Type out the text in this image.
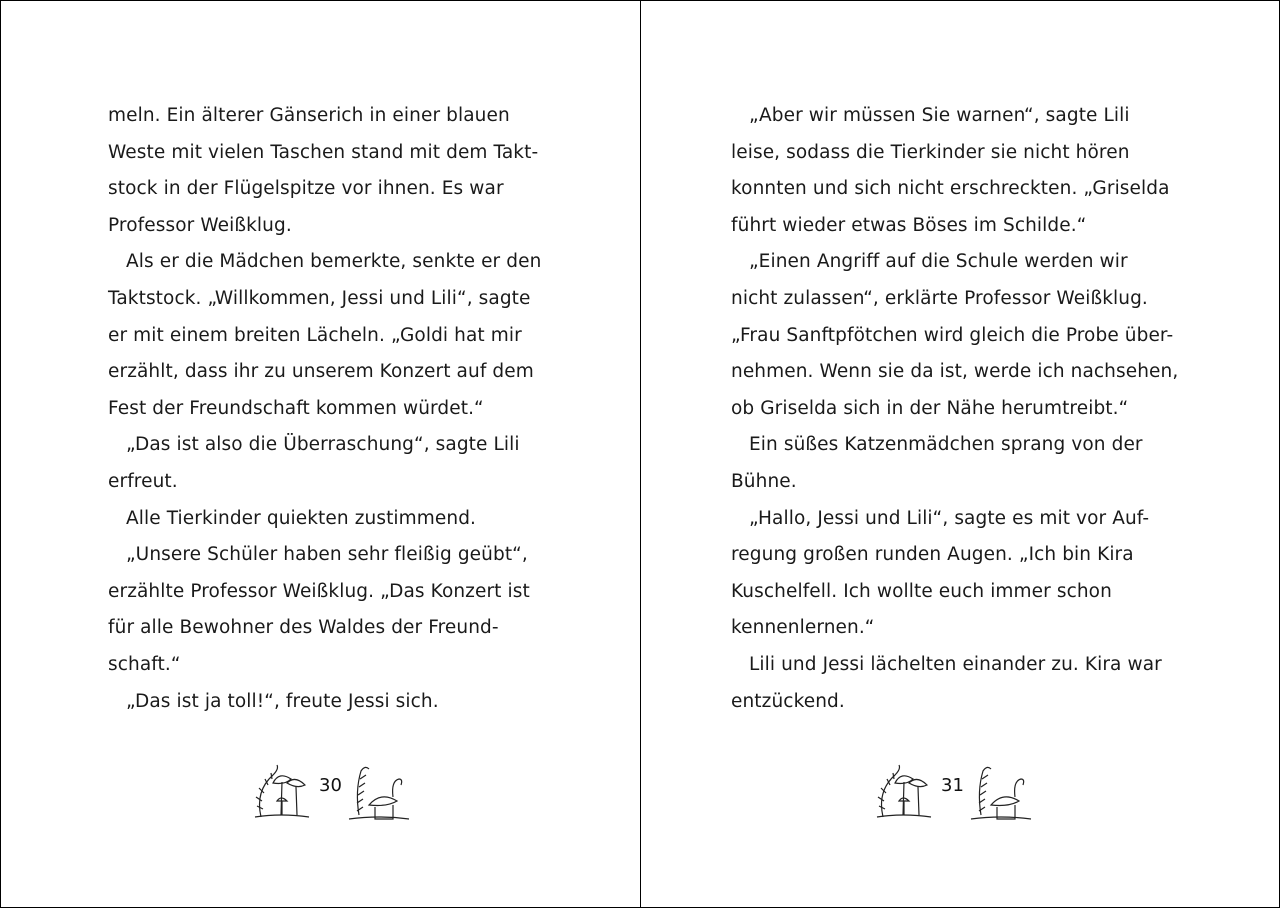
meln. Ein älterer Gänserich in einer blauen
Weste mit vielen Taschen stand mit dem Takt-
stock in der Flügelspitze vor ihnen. Es war
Professor Weißklug.
Als er die Mädchen bemerkte, senkte er den
Taktstock. „Willkommen, Jessi und Lili“, sagte
er mit einem breiten Lächeln. „Goldi hat mir
erzählt, dass ihr zu unserem Konzert auf dem
Fest der Freundschaft kommen würdet.“
„Das ist also die Überraschung“, sagte Lili
erfreut.
Alle Tierkinder quiekten zustimmend.
„Unsere Schüler haben sehr fleißig geübt“,
erzählte Professor Weißklug. „Das Konzert ist
für alle Bewohner des Waldes der Freund-
schaft.“
„Das ist ja toll!“, freute Jessi sich.
„Aber wir müssen Sie warnen“, sagte Lili
leise, sodass die Tierkinder sie nicht hören
konnten und sich nicht erschreckten. „Griselda
führt wieder etwas Böses im Schilde.“
„Einen Angriff auf die Schule werden wir
nicht zulassen“, erklärte Professor Weißklug.
„Frau Sanftpfötchen wird gleich die Probe über-
nehmen. Wenn sie da ist, werde ich nachsehen,
ob Griselda sich in der Nähe herumtreibt.“
Ein süßes Katzenmädchen sprang von der
Bühne.
„Hallo, Jessi und Lili“, sagte es mit vor Auf-
regung großen runden Augen. „Ich bin Kira
Kuschelfell. Ich wollte euch immer schon
kennenlernen.“
Lili und Jessi lächelten einander zu. Kira war
entzückend.
30	31
